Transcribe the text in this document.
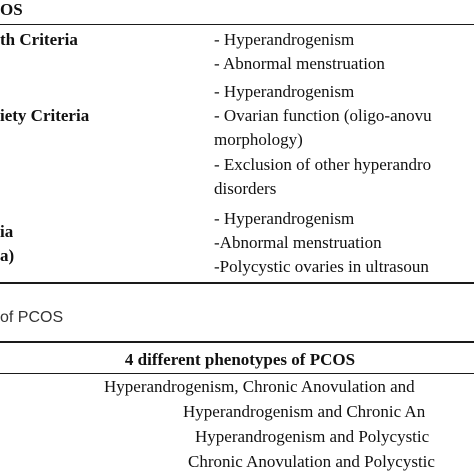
OS
th Criteria	- Hyperandrogenism
- Abnormal menstruation
iety Criteria
- Hyperandrogenism
- Ovarian function (oligo-anovu
morphology)
- Exclusion of other hyperandro
disorders
ia
a)
- Hyperandrogenism
-Abnormal menstruation
-Polycystic ovaries in ultrasoun
of PCOS
4 different phenotypes of PCOS
Hyperandrogenism, Chronic Anovulation and
Hyperandrogenism and Chronic An
Hyperandrogenism and Polycystic
Chronic Anovulation and Polycystic
